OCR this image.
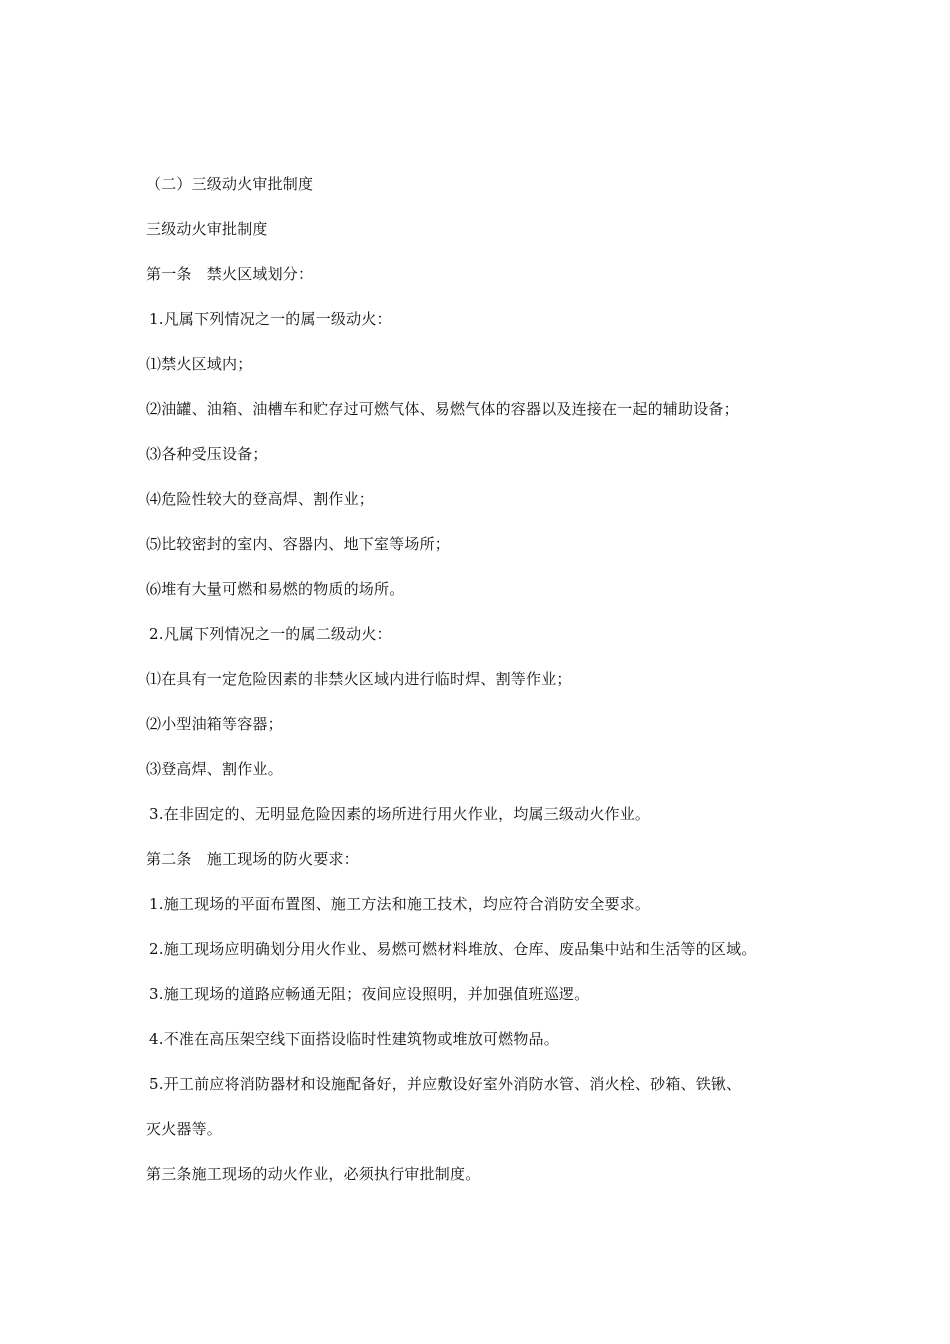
（二）三级动火审批制度
三级动火审批制度
第一条　禁火区域划分：
1.凡属下列情况之一的属一级动火：
⑴禁火区域内；
⑵油罐、油箱、油槽车和贮存过可燃气体、易燃气体的容器以及连接在一起的辅助设备；
⑶各种受压设备；
⑷危险性较大的登高焊、割作业；
⑸比较密封的室内、容器内、地下室等场所；
⑹堆有大量可燃和易燃的物质的场所。
2.凡属下列情况之一的属二级动火：
⑴在具有一定危险因素的非禁火区域内进行临时焊、割等作业；
⑵小型油箱等容器；
⑶登高焊、割作业。
3.在非固定的、无明显危险因素的场所进行用火作业，均属三级动火作业。
第二条　施工现场的防火要求：
1.施工现场的平面布置图、施工方法和施工技术，均应符合消防安全要求。
2.施工现场应明确划分用火作业、易燃可燃材料堆放、仓库、废品集中站和生活等的区域。
3.施工现场的道路应畅通无阻；夜间应设照明，并加强值班巡逻。
4.不准在高压架空线下面搭设临时性建筑物或堆放可燃物品。
5.开工前应将消防器材和设施配备好，并应敷设好室外消防水管、消火栓、砂箱、铁锹、
灭火器等。
第三条施工现场的动火作业，必须执行审批制度。
